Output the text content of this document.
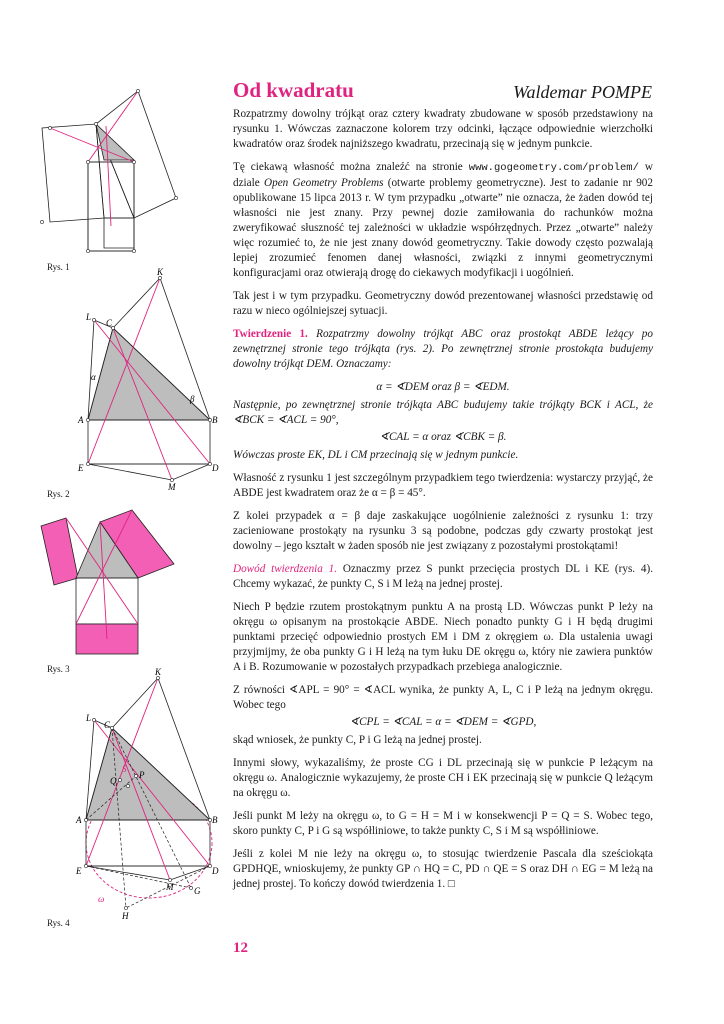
Rys. 1	K
L
C
A	B
E	D
M
α
β
Rys. 2
Rys. 3	K
L
C
A	B
E	D
M G
H
Q
P
S
ω
Rys. 4
Od kwadratu	Waldemar POMPE

Rozpatrzmy dowolny trójkąt oraz cztery kwadraty zbudowane w sposób przedstawiony na rysunku 1. Wówczas zaznaczone kolorem trzy odcinki, łączące odpowiednie wierzchołki kwadratów oraz środek najniższego kwadratu, przecinają się w jednym punkcie.

Tę ciekawą własność można znaleźć na stronie www.gogeometry.com/problem/ w dziale Open Geometry Problems (otwarte problemy geometryczne). Jest to zadanie nr 902 opublikowane 15 lipca 2013 r. W tym przypadku „otwarte” nie oznacza, że żaden dowód tej własności nie jest znany. Przy pewnej dozie zamiłowania do rachunków można zweryfikować słuszność tej zależności w układzie współrzędnych. Przez „otwarte” należy więc rozumieć to, że nie jest znany dowód geometryczny. Takie dowody często pozwalają lepiej zrozumieć fenomen danej własności, związki z innymi geometrycznymi konfiguracjami oraz otwierają drogę do ciekawych modyfikacji i uogólnień.

Tak jest i w tym przypadku. Geometryczny dowód prezentowanej własności przedstawię od razu w nieco ogólniejszej sytuacji.

Twierdzenie 1. Rozpatrzmy dowolny trójkąt ABC oraz prostokąt ABDE leżący po zewnętrznej stronie tego trójkąta (rys. 2). Po zewnętrznej stronie prostokąta budujemy dowolny trójkąt DEM. Oznaczamy:

α = ∢DEM oraz β = ∢EDM.

Następnie, po zewnętrznej stronie trójkąta ABC budujemy takie trójkąty BCK i ACL, że ∢BCK = ∢ACL = 90°,

∢CAL = α oraz ∢CBK = β.

Wówczas proste EK, DL i CM przecinają się w jednym punkcie.

Własność z rysunku 1 jest szczególnym przypadkiem tego twierdzenia: wystarczy przyjąć, że ABDE jest kwadratem oraz że α = β = 45°.

Z kolei przypadek α = β daje zaskakujące uogólnienie zależności z rysunku 1: trzy zacieniowane prostokąty na rysunku 3 są podobne, podczas gdy czwarty prostokąt jest dowolny – jego kształt w żaden sposób nie jest związany z pozostałymi prostokątami!

Dowód twierdzenia 1. Oznaczmy przez S punkt przecięcia prostych DL i KE (rys. 4). Chcemy wykazać, że punkty C, S i M leżą na jednej prostej.

Niech P będzie rzutem prostokątnym punktu A na prostą LD. Wówczas punkt P leży na okręgu ω opisanym na prostokącie ABDE. Niech ponadto punkty G i H będą drugimi punktami przecięć odpowiednio prostych EM i DM z okręgiem ω. Dla ustalenia uwagi przyjmijmy, że oba punkty G i H leżą na tym łuku DE okręgu ω, który nie zawiera punktów A i B. Rozumowanie w pozostałych przypadkach przebiega analogicznie.

Z równości ∢APL = 90° = ∢ACL wynika, że punkty A, L, C i P leżą na jednym okręgu. Wobec tego

∢CPL = ∢CAL = α = ∢DEM = ∢GPD,

skąd wniosek, że punkty C, P i G leżą na jednej prostej.

Innymi słowy, wykazaliśmy, że proste CG i DL przecinają się w punkcie P leżącym na okręgu ω. Analogicznie wykazujemy, że proste CH i EK przecinają się w punkcie Q leżącym na okręgu ω.

Jeśli punkt M leży na okręgu ω, to G = H = M i w konsekwencji P = Q = S. Wobec tego, skoro punkty C, P i G są współliniowe, to także punkty C, S i M są współliniowe.

Jeśli z kolei M nie leży na okręgu ω, to stosując twierdzenie Pascala dla sześciokąta GPDHQE, wnioskujemy, że punkty GP ∩ HQ = C, PD ∩ QE = S oraz DH ∩ EG = M leżą na jednej prostej. To kończy dowód twierdzenia 1. □

12
